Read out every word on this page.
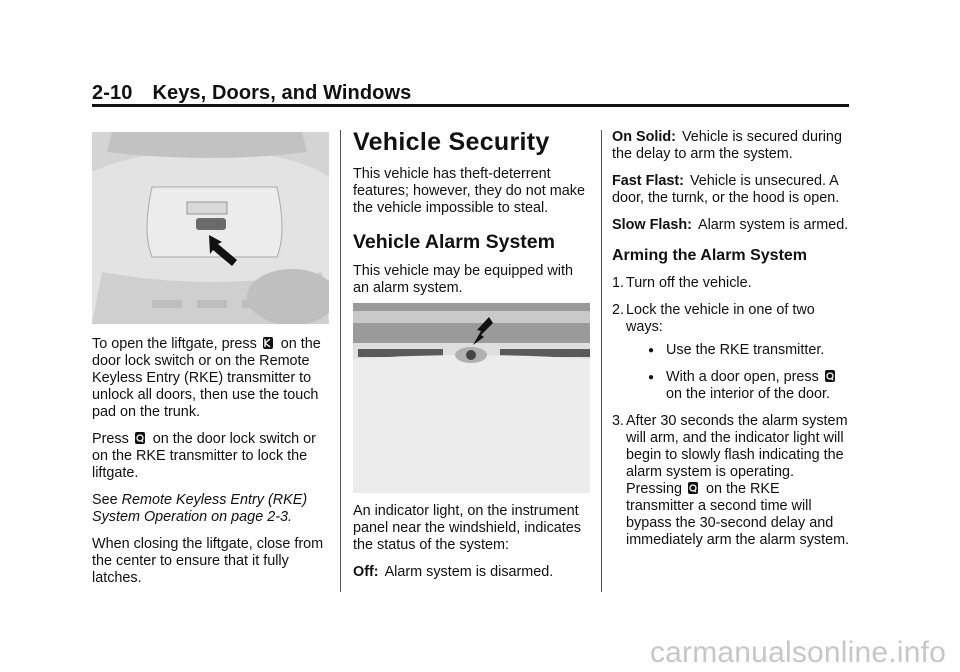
2-10 Keys, Doors, and Windows

To open the liftgate, press on the door lock switch or on the Remote Keyless Entry (RKE) transmitter to unlock all doors, then use the touch pad on the trunk.

Press on the door lock switch or on the RKE transmitter to lock the liftgate.

See Remote Keyless Entry (RKE) System Operation on page 2-3.

When closing the liftgate, close from the center to ensure that it fully latches.

Vehicle Security

This vehicle has theft-deterrent features; however, they do not make the vehicle impossible to steal.

Vehicle Alarm System

This vehicle may be equipped with an alarm system.

An indicator light, on the instrument panel near the windshield, indicates the status of the system:

Off: Alarm system is disarmed.

On Solid: Vehicle is secured during the delay to arm the system.

Fast Flast: Vehicle is unsecured. A door, the turnk, or the hood is open.

Slow Flash: Alarm system is armed.

Arming the Alarm System
1. Turn off the vehicle.
2. Lock the vehicle in one of two ways:
● Use the RKE transmitter.
● With a door open, press  on the interior of the door.
3. After 30 seconds the alarm system will arm, and the indicator light will begin to slowly flash indicating the alarm system is operating. Pressing on the RKE transmitter a second time will bypass the 30-second delay and immediately arm the alarm system.
carmanualsonline.info
